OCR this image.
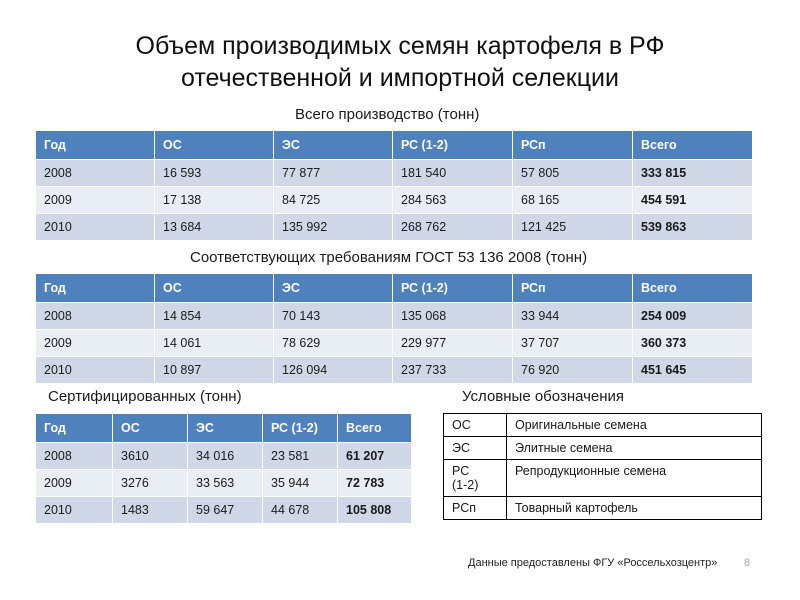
Объем производимых семян картофеля в РФ
отечественной и импортной селекции
Всего производство (тонн)
Год	ОС	ЭС	РС (1-2)	РСп	Всего
2008	16 593	77 877	181 540	57 805	333 815
2009	17 138	84 725	284 563	68 165	454 591
2010	13 684	135 992	268 762	121 425	539 863
Соответствующих требованиям ГОСТ 53 136 2008 (тонн)
Год	ОС	ЭС	РС (1-2)	РСп	Всего
2008	14 854	70 143	135 068	33 944	254 009
2009	14 061	78 629	229 977	37 707	360 373
2010	10 897	126 094	237 733	76 920	451 645
Сертифицированных (тонн)
Год	ОС	ЭС	РС (1-2)	Всего
2008	3610	34 016	23 581	61 207
2009	3276	33 563	35 944	72 783
2010	1483	59 647	44 678	105 808
Условные обозначения
ОС	Оригинальные семена
ЭС	Элитные семена

РС
(1-2)	Репродукционные семена
РСп	Товарный картофель
Данные предоставлены ФГУ «Россельхозцентр» 8
